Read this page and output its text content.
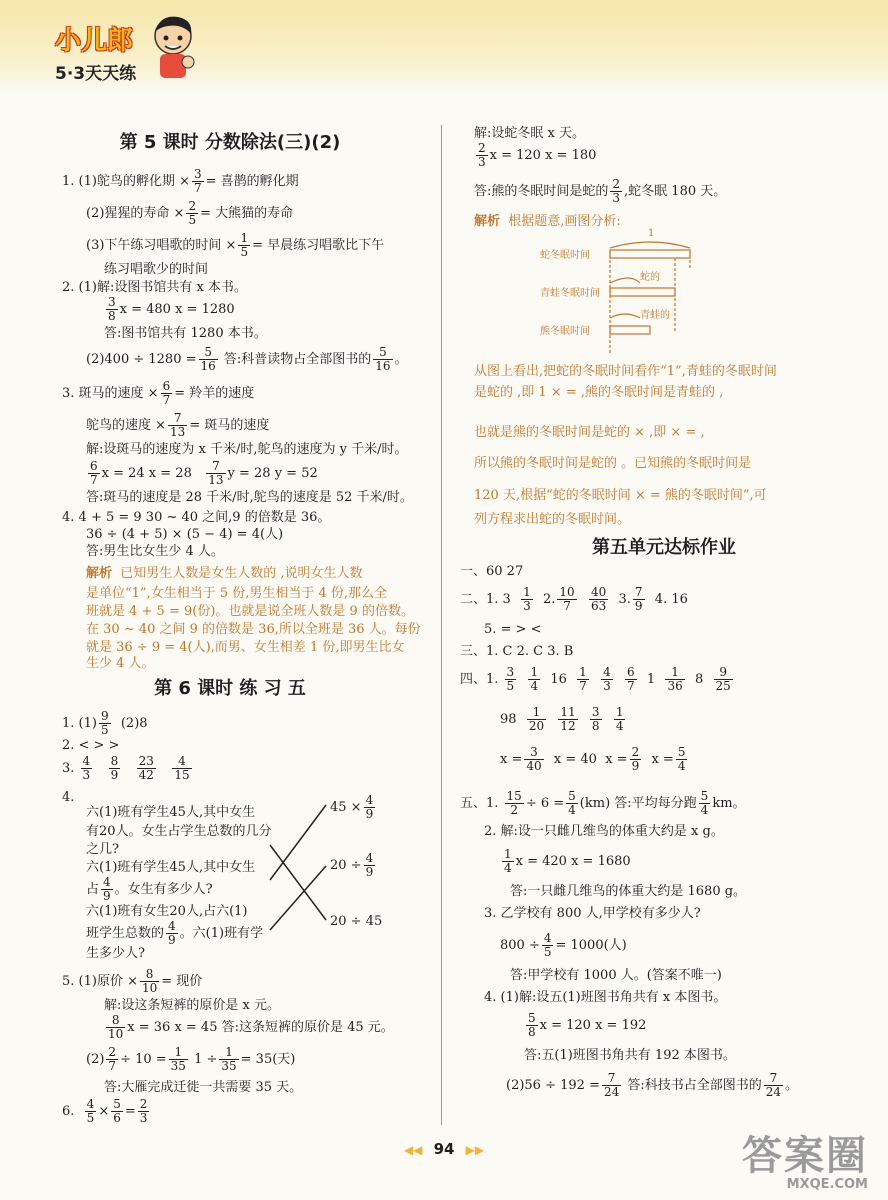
小儿郎
5·3天天练
第 5 课时 分数除法(三)(2)
1. (1)鸵鸟的孵化期 × $\frac{3}{7}$ = 喜鹊的孵化期
(2)猩猩的寿命 × $\frac{2}{5}$ = 大熊猫的寿命
(3)下午练习唱歌的时间 × $\frac{1}{5}$ = 早晨练习唱歌比下午
练习唱歌少的时间
2. (1)解:设图书馆共有 x 本书。
$\frac{3}{8}$ x = 480 x = 1280
答:图书馆共有 1280 本书。
$(2)400 \div 1280 = \frac{5}{16}$ 答:科普读物占全部图书的 $\frac{5}{16}$ 。
3. 斑马的速度 × $\frac{6}{7}$ = 羚羊的速度
鸵鸟的速度 × $\frac{7}{13}$ = 斑马的速度
解:设斑马的速度为 x 千米/时,鸵鸟的速度为 y 千米/时。
$\frac{6}{7}$ x = 24 $x = 28 \frac{7}{13}$ y = 28 y = 52
答:斑马的速度是 28 千米/时,鸵鸟的速度是 52 千米/时。
4. 4 + 5 = 9 30 ~ 40 之间,9 的倍数是 36。
36 ÷ (4 + 5) × (5 − 4) = 4(人)
答:男生比女生少 4 人。
解析 已知男生人数是女生人数的 ,说明女生人数
是单位“1”,女生相当于 5 份,男生相当于 4 份,那么全
班就是 4 + 5 = 9(份)。也就是说全班人数是 9 的倍数。
在 30 ~ 40 之间 9 的倍数是 36,所以全班是 36 人。每份
就是 36 ÷ 9 = 4(人),而男、女生相差 1 份,即男生比女
生少 4 人。
第 6 课时 练 习 五
1. $(1) \frac{9}{5} (2)8$
2. < > >
3. $\frac{4}{3}$
$\frac{8}{9}$
$\frac{23}{42}$
$\frac{4}{15}$
4.
六(1)班有学生45人,其中女生
有20人。女生占学生总数的几分
之几?
六(1)班有学生45人,其中女生
占 $\frac{4}{9}$ 。女生有多少人?
六(1)班有女生20人,占六(1)
班学生总数的 $\frac{4}{9}$ 。六(1)班有学
生多少人?
$45 \times \frac{4}{9}$
$20 \div \frac{4}{9}$
20 ÷ 45
5. (1)原价 × $\frac{8}{10}$ = 现价
解:设这条短裤的原价是 x 元。
$\frac{8}{10}$ x = 36 x = 45 答:这条短裤的原价是 45 元。
$(2) \frac{2}{7} \div 10 = \frac{1}{35} 1 \div \frac{1}{35} = 35$(天)
答:大雁完成迁徙一共需要 35 天。
6. $\frac{4}{5} \times \frac{5}{6} = \frac{2}{3}$
解:设蛇冬眠 x 天。
$\frac{2}{3}$ x = 120 x = 180
答:熊的冬眠时间是蛇的 $\frac{2}{3}$ ,蛇冬眠 180 天。
解析 根据题意,画图分析:
1
蛇冬眠时间
蛇的
青蛙冬眠时间
青蛙的
熊冬眠时间
从图上看出,把蛇的冬眠时间看作“1”,青蛙的冬眠时间
是蛇的 ,即 1 × = ,熊的冬眠时间是青蛙的 ,
也就是熊的冬眠时间是蛇的 × ,即 × = ,
所以熊的冬眠时间是蛇的 。已知熊的冬眠时间是
120 天,根据“蛇的冬眠时间 × = 熊的冬眠时间”,可
列方程求出蛇的冬眠时间。
第五单元达标作业
一、60 27
二、1. $3 \frac{1}{3} 2$. $\frac{10}{7}$
$\frac{40}{63} 3$. $\frac{7}{9} 4$. 16
5. = > <
三、1. C 2. C 3. B
四、1. $\frac{3}{5}$
$\frac{1}{4} 16 \frac{1}{7}$
$\frac{4}{3}$
$\frac{6}{7} 1 \frac{1}{36} 8 \frac{9}{25}$
$98 \frac{1}{20}$
$\frac{11}{12}$
$\frac{3}{8}$
$\frac{1}{4}$
$x = \frac{3}{40}$ x = 40 $x = \frac{2}{9}$ $x = \frac{5}{4}$
五、1. $\frac{15}{2} \div 6 = \frac{5}{4} (km)$ 答:平均每分跑 $\frac{5}{4}$ km。
2. 解:设一只雌几维鸟的体重大约是 x g。
$\frac{1}{4}$ x = 420 x = 1680
答:一只雌几维鸟的体重大约是 1680 g。
3. 乙学校有 800 人,甲学校有多少人?
$800 \div \frac{4}{5} = 1000$(人)
答:甲学校有 1000 人。(答案不唯一)
4. (1)解:设五(1)班图书角共有 x 本图书。
$\frac{5}{8}$ x = 120 x = 192
答:五(1)班图书角共有 192 本图书。
$(2)56 \div 192 = \frac{7}{24}$ 答:科技书占全部图书的 $\frac{7}{24}$ 。
◀◀ 94 ▶▶	答案圈
MXQE.COM
